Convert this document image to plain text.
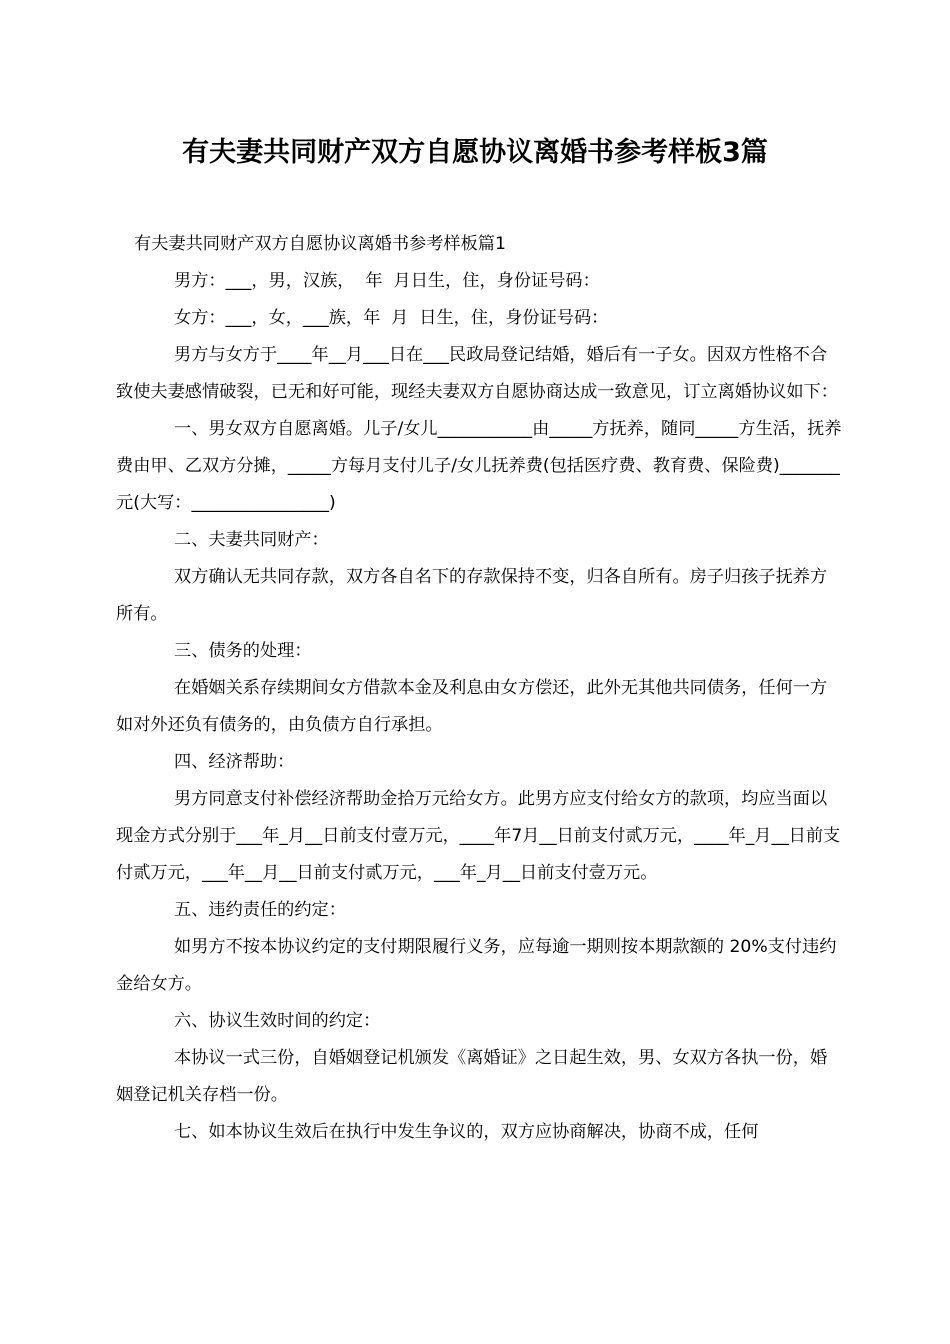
有夫妻共同财产双方自愿协议离婚书参考样板3篇

有夫妻共同财产双方自愿协议离婚书参考样板篇1

男方：___，男，汉族，  年  月日生，住，身份证号码：

女方：___，女，___族，年  月  日生，住，身份证号码：

男方与女方于____年__月___日在___民政局登记结婚，婚后有一子女。因双方性格不合致使夫妻感情破裂，已无和好可能，现经夫妻双方自愿协商达成一致意见，订立离婚协议如下：

一、男女双方自愿离婚。儿子/女儿___________由_____方抚养，随同_____方生活，抚养费由甲、乙双方分摊，_____方每月支付儿子/女儿抚养费(包括医疗费、教育费、保险费)_______元(大写：________________)

二、夫妻共同财产：

双方确认无共同存款，双方各自名下的存款保持不变，归各自所有。房子归孩子抚养方所有。

三、债务的处理：

在婚姻关系存续期间女方借款本金及利息由女方偿还，此外无其他共同债务，任何一方如对外还负有债务的，由负债方自行承担。

四、经济帮助：

男方同意支付补偿经济帮助金拾万元给女方。此男方应支付给女方的款项，均应当面以现金方式分别于___年_月__日前支付壹万元，____年7月__日前支付贰万元，____年_月__日前支付贰万元，___年__月__日前支付贰万元，___年_月__日前支付壹万元。

五、违约责任的约定：

如男方不按本协议约定的支付期限履行义务，应每逾一期则按本期款额的 20%支付违约金给女方。

六、协议生效时间的约定：

本协议一式三份，自婚姻登记机颁发《离婚证》之日起生效，男、女双方各执一份，婚姻登记机关存档一份。

七、如本协议生效后在执行中发生争议的，双方应协商解决，协商不成，任何
